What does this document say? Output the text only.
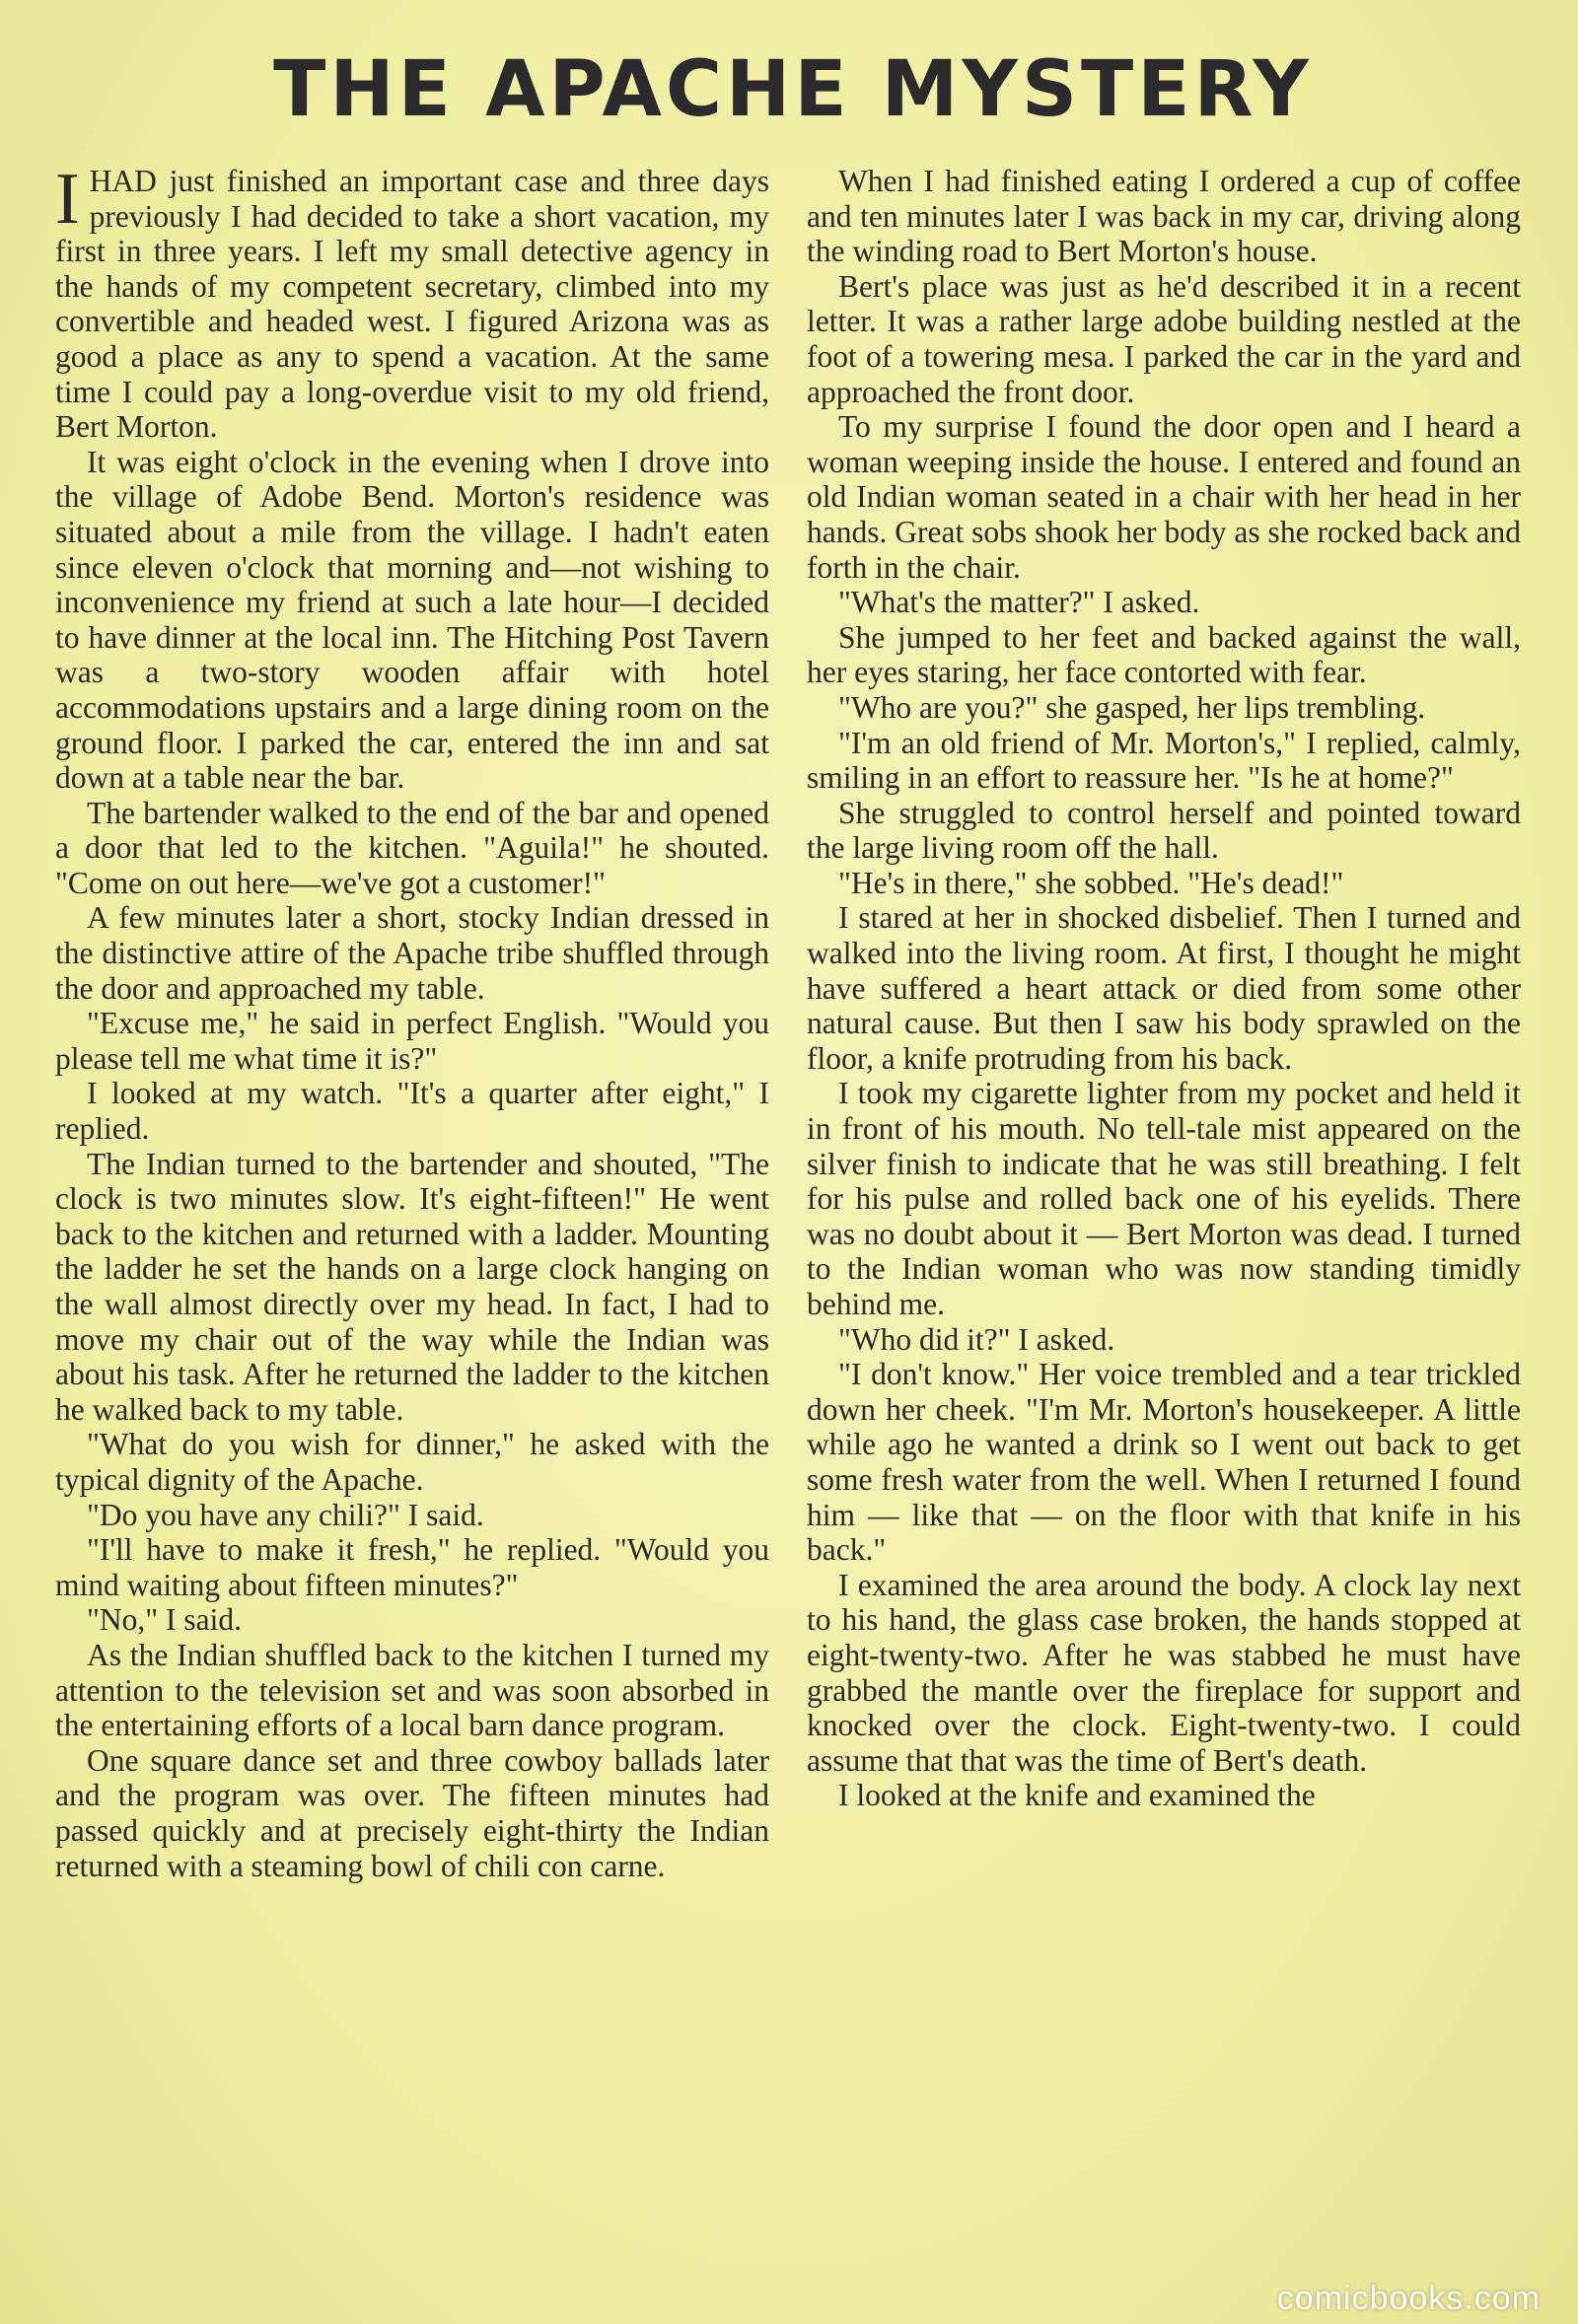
THE APACHE MYSTERY

IHAD just finished an important case and three days previously I had decided to take a short vacation, my first in three years. I left my small detective agency in the hands of my competent secretary, climbed into my convertible and headed west. I figured Arizona was as good a place as any to spend a vacation. At the same time I could pay a long-overdue visit to my old friend, Bert Morton.

It was eight o'clock in the evening when I drove into the village of Adobe Bend. Morton's residence was situated about a mile from the village. I hadn't eaten since eleven o'clock that morning and—not wishing to inconvenience my friend at such a late hour—I decided to have dinner at the local inn. The Hitching Post Tavern was a two-story wooden affair with hotel accommodations upstairs and a large dining room on the ground floor. I parked the car, entered the inn and sat down at a table near the bar.

The bartender walked to the end of the bar and opened a door that led to the kitchen. "Aguila!" he shouted. "Come on out here—we've got a customer!"

A few minutes later a short, stocky Indian dressed in the distinctive attire of the Apache tribe shuffled through the door and approached my table.

"Excuse me," he said in perfect English. "Would you please tell me what time it is?"

I looked at my watch. "It's a quarter after eight," I replied.

The Indian turned to the bartender and shouted, "The clock is two minutes slow. It's eight-fifteen!" He went back to the kitchen and returned with a ladder. Mounting the ladder he set the hands on a large clock hanging on the wall almost directly over my head. In fact, I had to move my chair out of the way while the Indian was about his task. After he returned the ladder to the kitchen he walked back to my table.

"What do you wish for dinner," he asked with the typical dignity of the Apache.

"Do you have any chili?" I said.

"I'll have to make it fresh," he replied. "Would you mind waiting about fifteen minutes?"

"No," I said.

As the Indian shuffled back to the kitchen I turned my attention to the television set and was soon absorbed in the entertaining efforts of a local barn dance program.

One square dance set and three cowboy ballads later and the program was over. The fifteen minutes had passed quickly and at precisely eight-thirty the Indian returned with a steaming bowl of chili con carne.

When I had finished eating I ordered a cup of coffee and ten minutes later I was back in my car, driving along the winding road to Bert Morton's house.

Bert's place was just as he'd described it in a recent letter. It was a rather large adobe building nestled at the foot of a towering mesa. I parked the car in the yard and approached the front door.

To my surprise I found the door open and I heard a woman weeping inside the house. I entered and found an old Indian woman seated in a chair with her head in her hands. Great sobs shook her body as she rocked back and forth in the chair.

"What's the matter?" I asked.

She jumped to her feet and backed against the wall, her eyes staring, her face contorted with fear.

"Who are you?" she gasped, her lips trembling.

"I'm an old friend of Mr. Morton's," I replied, calmly, smiling in an effort to reassure her. "Is he at home?"

She struggled to control herself and pointed toward the large living room off the hall.

"He's in there," she sobbed. "He's dead!"

I stared at her in shocked disbelief. Then I turned and walked into the living room. At first, I thought he might have suffered a heart attack or died from some other natural cause. But then I saw his body sprawled on the floor, a knife protruding from his back.

I took my cigarette lighter from my pocket and held it in front of his mouth. No tell-tale mist appeared on the silver finish to indicate that he was still breathing. I felt for his pulse and rolled back one of his eyelids. There was no doubt about it — Bert Morton was dead. I turned to the Indian woman who was now standing timidly behind me.

"Who did it?" I asked.

"I don't know." Her voice trembled and a tear trickled down her cheek. "I'm Mr. Morton's housekeeper. A little while ago he wanted a drink so I went out back to get some fresh water from the well. When I returned I found him — like that — on the floor with that knife in his back."

I examined the area around the body. A clock lay next to his hand, the glass case broken, the hands stopped at eight-twenty-two. After he was stabbed he must have grabbed the mantle over the fireplace for support and knocked over the clock. Eight-twenty-two. I could assume that that was the time of Bert's death.

I looked at the knife and examined the

comicbooks.com
